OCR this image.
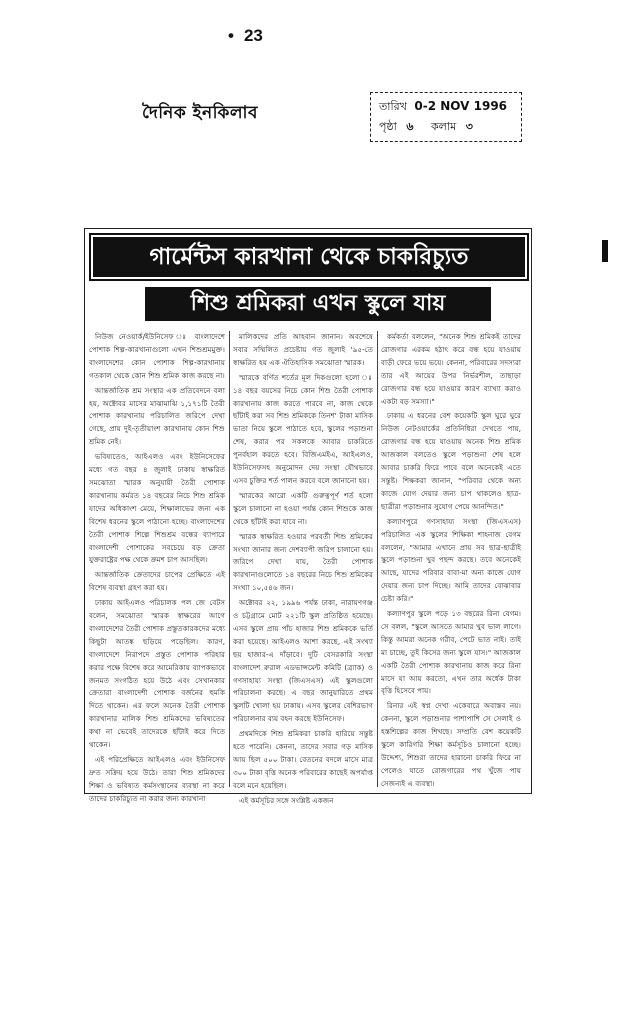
• 23
দৈনিক ইনকিলাব	তারিখ 0-2 NOV 1996
পৃষ্ঠা ৬ কলাম ৩
গার্মেন্টস কারখানা থেকে চাকরিচ্যুত
শিশু শ্রমিকরা এখন স্কুলে যায়

নিউজ নেওয়ার্ক/ইউনিসেফ ঃ বাংলাদেশে পোশাক শিল্প-কারখানাগুলো এখন শিশুশ্রমমুক্ত। বাংলাদেশের কোন পোশাক শিল্প-কারখানায় গতকাল থেকে কোন শিশু শ্রমিক কাজ করছে না।

আন্তর্জাতিক শ্রম সংস্থার এক প্রতিবেদনে বলা হয়, অক্টোবর মাসের মাঝামাঝি ১,১৭১টি তৈরী পোশাক কারখানায় পরিচালিত জরিপে দেখা গেছে, প্রায় দুই-তৃতীয়াংশ কারখানায় কোন শিশু শ্রমিক নেই।

ভবিষ্যতেও, আইএলও এবং ইউনিসেফের মধ্যে গত বছর ৪ জুলাই ঢাকায় স্বাক্ষরিত সমঝোতা স্মারক অনুযায়ী তৈরী পোশাক কারখানায় কর্মরত ১৪ বছরের নিচে শিশু শ্রমিক যাদের অধিকাংশ মেয়ে, শিক্ষালাভের জন্য এক বিশেষ ধরনের স্কুলে পাঠানো হচ্ছে। বাংলাদেশের তৈরী পোশাক শিল্পে শিশুশ্রম বন্ধের ব্যাপারে বাংলাদেশী পোশাকের সবচেয়ে বড় ক্রেতা যুক্তরাষ্ট্রের পক্ষ থেকে ক্রমশ চাপ আসছিল।

আন্তর্জাতিক ক্রেতাদের চাপের প্রেক্ষিতে এই বিশেষ ব্যবস্থা গ্রহণ করা হয়।

ঢাকায় আইএলও পরিচালক পল জে বেটস বলেন, সমঝোতা স্মারক স্বাক্ষরের আগে বাংলাদেশের তৈরী পোশাক প্রস্তুতকারকদের মধ্যে কিছুটা আতঙ্ক ছড়িয়ে পড়েছিল। কারণ, বাংলাদেশে নিরাপদে প্রস্তুত পোশাক পরিহার করার পক্ষে বিশেষ করে আমেরিকায় ব্যাপকভাবে জনমত সংগঠিত হয়ে উঠে এবং সেখানকার ক্রেতারা বাংলাদেশী পোশাক বর্জনের হুমকি দিতে থাকেন। এর ফলে অনেক তৈরী পোশাক কারখানার মালিক শিশু শ্রমিকদের ভবিষ্যতের কথা না ভেবেই তাদেরকে ছাঁটাই করে দিতে থাকেন।

এই পরিপ্রেক্ষিতে আইএলও এবং ইউনিসেফ দ্রুত সক্রিয় হয়ে উঠে। তারা শিশু শ্রমিকদের শিক্ষা ও ভবিষ্যত কর্মসংস্থানের ব্যবস্থা না করে তাদের চাকরিচ্যুত না করার জন্য কারখানা

মালিকদের প্রতি আহবান জানান। অবশেষে সবার সম্মিলিত প্রচেষ্টায় গত জুলাই '৯৫-তে স্বাক্ষরিত হয় এক ঐতিহাসিক সমঝোতা স্মারক।

স্মারকে বর্ণিত শর্তের মূল দিকগুলো হলো ঃ ১৪ বছর বয়সের নিচে কোন শিশু তৈরী পোশাক কারখানায় কাজ করতে পারবে না, কাজ থেকে ছাঁটাই করা সব শিশু শ্রমিককে তিনশ' টাকা মাসিক ভাতা নিয়ে স্কুলে পাঠাতে হবে, স্কুলের পড়াশুনা শেষ, করার পর সকলকে আবার চাকরিতে পুনর্বহাল করতে হবে। বিজিএমইএ, আইএলও, ইউনিসেফসহ অনুমোদন দেয় সংস্থা যৌথভাবে এসব চুক্তির শর্ত পালন করবে বলে জানানো হয়।

স্মারকের আরো একটি গুরুত্বপূর্ণ শর্ত হলো স্কুলে চালানো না হওয়া পর্যন্ত কোন শিশুকে কাজ থেকে ছাঁটাই করা যাবে না।

স্মারক স্বাক্ষরিত হওয়ার পরবর্তী শিশু শ্রমিকের সংখ্যা জানার জন্য দেশব্যাপী জরিপ চালানো হয়। জরিপে দেখা যায়, তৈরী পোশাক কারখানাগুলোতে ১৪ বছরের নিচে শিশু শ্রমিকের সংখ্যা ১০,৫৪৬ জন।

অক্টোবর ২২, ১৯৯৬ পর্যন্ত ঢাকা, নারায়ণগঞ্জ ও চট্টগ্রামে মোট ২২১টি স্কুল প্রতিষ্ঠিত হয়েছে। এসব স্কুলে প্রায় পাঁচ হাজার শিশু শ্রমিককে ভর্তি করা হয়েছে। আইএলও আশা করছে, এই সংখ্যা ছয় হাজার-এ দাঁড়াবে। দুটি বেসরকারি সংস্থা বাংলাদেশ রুরাল এডভান্সমেন্ট কমিটি (ব্র্যাক) ও গণসাহায্য সংস্থা (জিএসএস) এই স্কুলগুলো পরিচালনা করছে। এ বছর জানুয়ারিতে প্রথম স্কুলটি খোলা হয় ঢাকায়। এসব স্কুলের বেশিরভাগ পরিচালনার ব্যয় বহন করছে ইউনিসেফ।

প্রথমদিকে শিশু শ্রমিকরা চাকরি হারিয়ে সন্তুষ্ট হতে পারেনি। কেননা, তাদের সবার গড় মাসিক আয় ছিল ৫০০ টাকা। বেতনের বদলে মাসে মাত্র ৩০০ টাকা বৃত্তি অনেক পরিবারের কাছেই অপর্যাপ্ত বলে মনে হয়েছিল।

এই কর্মসূচির সঙ্গে সংশ্লিষ্ট একজন

কর্মকর্তা বললেন, "অনেক শিশু শ্রমিকই তাদের রোজগার এরকম হঠাৎ করে বন্ধ হয়ে যাওয়ায় বাড়ী ফেরে ভয়ে ভয়ে। কেননা, পরিবারের সদস্যরা তার এই আয়ের উপর নির্ভরশীল, তাছাড়া রোজগার বন্ধ হয়ে যাওয়ার কারণ ব্যাখ্যা করাও একটা বড় সমস্যা।"

ঢাকায় এ ধরনের বেশ কয়েকটি স্কুল ঘুরে ঘুরে নিউজ নেটওয়ার্কের প্রতিনিধিরা দেখতে পায়, রোজগার বন্ধ হয়ে যাওয়ায় অনেক শিশু শ্রমিক আজকাল বলতেও স্কুলে পড়াশুনা শেষ হলে আবার চাকরি ফিরে পাবে বলে অনেকেই এতে সন্তুষ্ট। শিক্ষকরা জানান, "পরিবার থেকে অন্য কাজে যোগ দেয়ার জন্য চাপ থাকলেও ছাত্র-ছাত্রীরা পড়াশুনার সুযোগ পেয়ে আনন্দিত।"

কল্যাণপুরে গণসাহায্য সংস্থা (জিএসএস) পরিচালিত এক স্কুলের শিক্ষিকা শাহনাজ বেগম বললেন, "আমার এখানে প্রায় সব ছাত্র-ছাত্রীই স্কুলে পড়াশুনা খুব পছন্দ করছে। তবে অনেকেই আছে, যাদের পরিবার বাবা-মা অন্য কাজে যোগ দেয়ার জন্য চাপ দিচ্ছে। আমি তাদের বোঝাবার চেষ্টা করি।"

কল্যাণপুর স্কুলে পড়ে ১৩ বছরের রিনা বেগম। সে বলল, "স্কুলে আসতে আমার খুব ভাল লাগে। কিন্তু আমরা অনেক গরীব, পেটে ভাত নাই। তাই মা চাচ্ছে, তুই কিসের জন্য স্কুলে যাস।" আজকাল একটি তৈরী পোশাক কারখানায় কাজ করে রিনা মাসে যা আয় করতো, এখন তার অর্ধেক টাকা বৃত্তি হিসেবে পায়।

রিনার এই স্বপ্ন দেখা একেবারে অবাস্তব নয়। কেননা, স্কুলে পড়াশুনার পাশাপাশি সে সেলাই ও হস্তশিল্পের কাজ শিখছে। সম্প্রতি বেশ কয়েকটি স্কুলে কারিগরি শিক্ষা কর্মসূচিও চালানো হচ্ছে। উদ্দেশ্য, শিশুরা তাদের হারানো চাকরি ফিরে না পেলেও যাতে রোজগারের পথ খুঁজে পায় সেজন্যই এ ব্যবস্থা।
